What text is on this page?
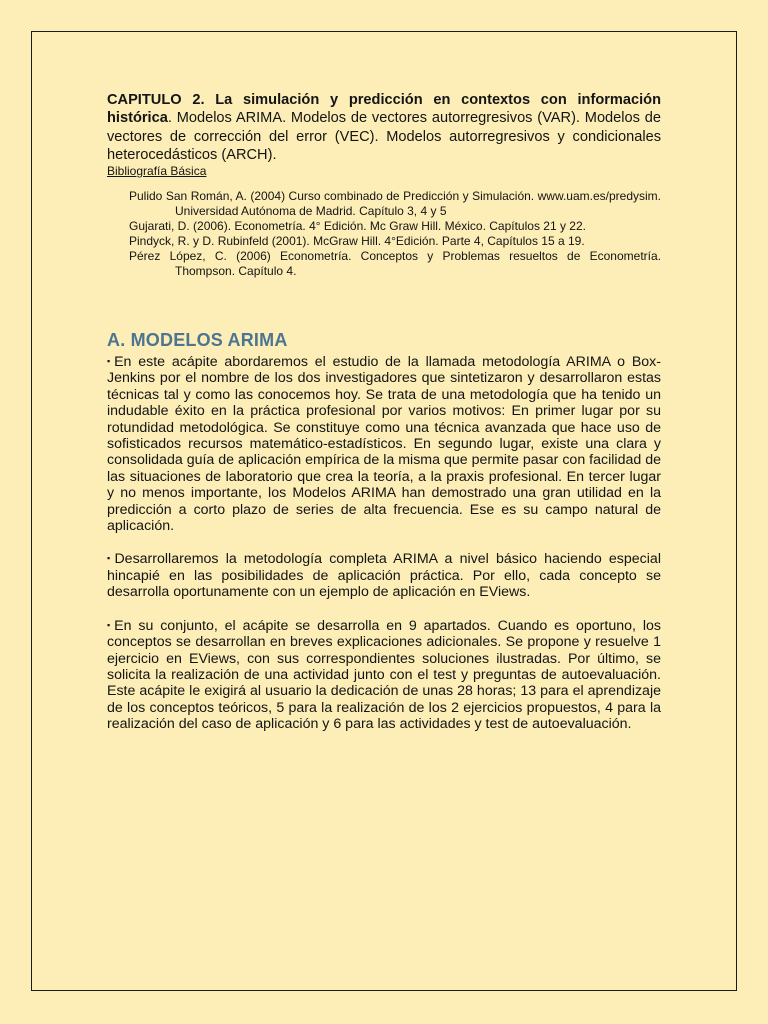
CAPITULO 2. La simulación y predicción en contextos con información histórica. Modelos ARIMA. Modelos de vectores autorregresivos (VAR). Modelos de vectores de corrección del error (VEC). Modelos autorregresivos y condicionales heterocedásticos (ARCH).

Bibliografía Básica

Pulido San Román, A. (2004) Curso combinado de Predicción y Simulación. www.uam.es/predysim. Universidad Autónoma de Madrid. Capítulo 3, 4 y 5

Gujarati, D. (2006). Econometría. 4° Edición. Mc Graw Hill. México. Capítulos 21 y 22.

Pindyck, R. y D. Rubinfeld (2001). McGraw Hill. 4°Edición. Parte 4, Capítulos 15 a 19.

Pérez López, C. (2006) Econometría. Conceptos y Problemas resueltos de Econometría. Thompson. Capítulo 4.

A. MODELOS ARIMA

▪En este acápite abordaremos el estudio de la llamada metodología ARIMA o Box-Jenkins por el nombre de los dos investigadores que sintetizaron y desarrollaron estas técnicas tal y como las conocemos hoy. Se trata de una metodología que ha tenido un indudable éxito en la práctica profesional por varios motivos: En primer lugar por su rotundidad metodológica. Se constituye como una técnica avanzada que hace uso de sofisticados recursos matemático-estadísticos. En segundo lugar, existe una clara y consolidada guía de aplicación empírica de la misma que permite pasar con facilidad de las situaciones de laboratorio que crea la teoría, a la praxis profesional. En tercer lugar y no menos importante, los Modelos ARIMA han demostrado una gran utilidad en la predicción a corto plazo de series de alta frecuencia. Ese es su campo natural de aplicación.

▪Desarrollaremos la metodología completa ARIMA a nivel básico haciendo especial hincapié en las posibilidades de aplicación práctica. Por ello, cada concepto se desarrolla oportunamente con un ejemplo de aplicación en EViews.

▪En su conjunto, el acápite se desarrolla en 9 apartados. Cuando es oportuno, los conceptos se desarrollan en breves explicaciones adicionales. Se propone y resuelve 1 ejercicio en EViews, con sus correspondientes soluciones ilustradas. Por último, se solicita la realización de una actividad junto con el test y preguntas de autoevaluación. Este acápite le exigirá al usuario la dedicación de unas 28 horas; 13 para el aprendizaje de los conceptos teóricos, 5 para la realización de los 2 ejercicios propuestos, 4 para la realización del caso de aplicación y 6 para las actividades y test de autoevaluación.
